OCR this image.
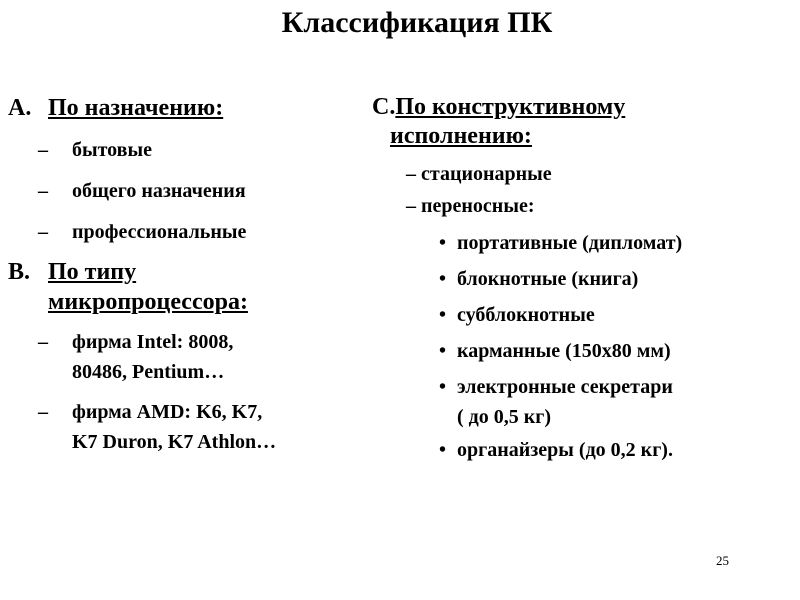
Классификация ПК
A. По назначению:
–	бытовые
–	общего назначения
–	профессиональные
B. По типу
микропроцессора:
–	фирма Intel: 8008,
80486, Pentium…
–	фирма AMD: K6, K7,
K7 Duron, K7 Athlon…
C.По конструктивному
исполнению:
– стационарные
– переносные:
• портативные (дипломат)
• блокнотные (книга)
• субблокнотные
• карманные (150х80 мм)
• электронные секретари
( до 0,5 кг)
• органайзеры (до 0,2 кг).
25
